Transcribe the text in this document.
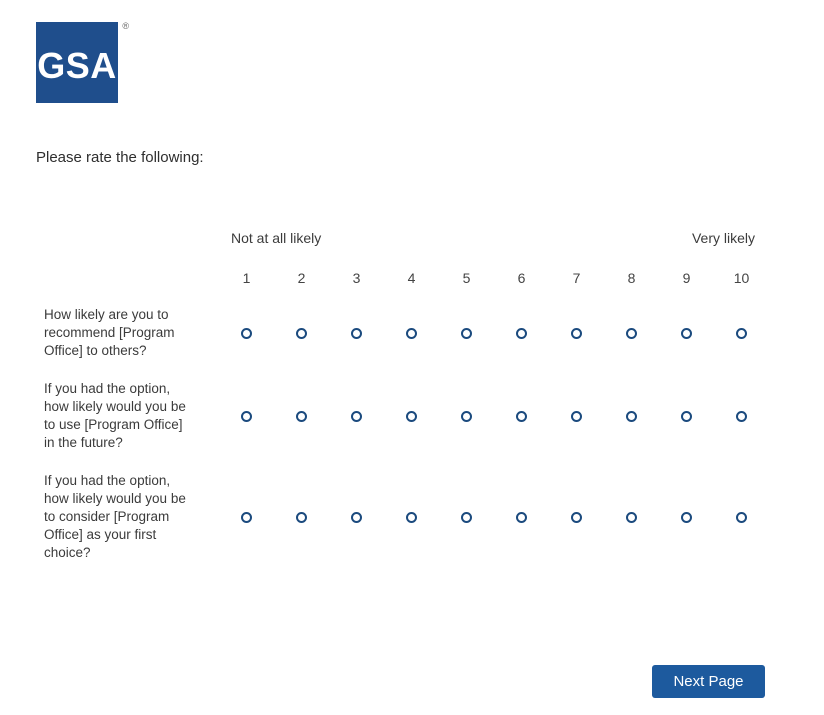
GSA
®
Please rate the following:
Not at all likely	Very likely
1	2	3	4	5	6	7	8	9	10
How likely are you to recommend [Program Office] to others?
If you had the option, how likely would you be to use [Program Office] in the future?
If you had the option, how likely would you be to consider [Program Office] as your first choice?
Next Page
